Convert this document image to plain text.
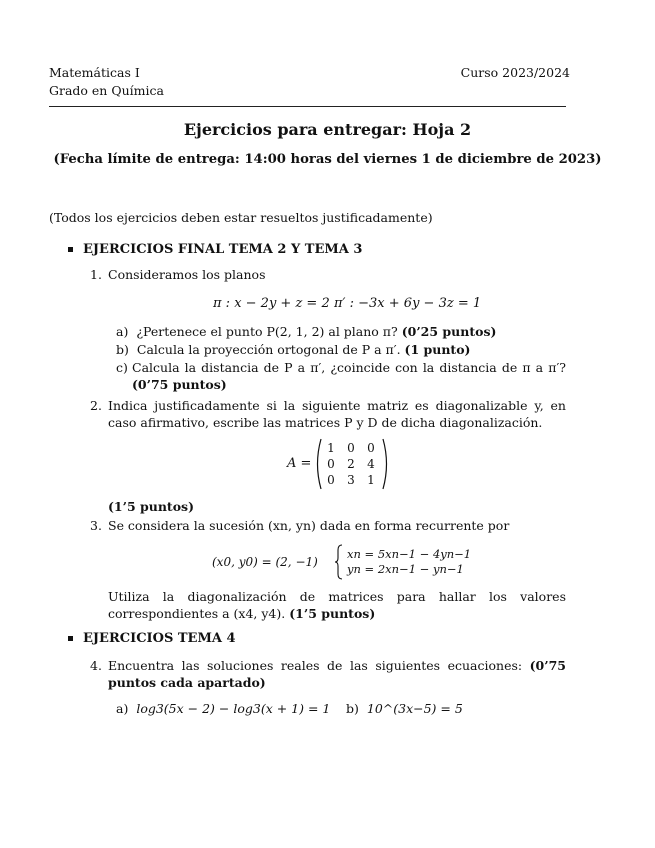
Matemáticas I
Grado en Química
Curso 2023/2024
Ejercicios para entregar: Hoja 2
(Fecha límite de entrega: 14:00 horas del viernes 1 de diciembre de 2023)
(Todos los ejercicios deben estar resueltos justificadamente)
EJERCICIOS FINAL TEMA 2 Y TEMA 3
1. Consideramos los planos
π : x − 2y + z = 2 π′ : −3x + 6y − 3z = 1
a) ¿Pertenece el punto P(2, 1, 2) al plano π? (0’25 puntos)
b) Calcula la proyección ortogonal de P a π′. (1 punto)
c) Calcula la distancia de P a π′, ¿coincide con la distancia de π a π′? (0’75 puntos)
2. Indica justificadamente si la siguiente matriz es diagonalizable y, en caso afirmativo, escribe las matrices P y D de dicha diagonalización.
A =
1	0	0
0	2	4
0	3	1
(1’5 puntos)
3. Se considera la sucesión (xn, yn) dada en forma recurrente por
(x0, y0) = (2, −1)
xn = 5xn−1 − 4yn−1
yn = 2xn−1 − yn−1
Utiliza la diagonalización de matrices para hallar los valores correspondientes a (x4, y4). (1’5 puntos)
EJERCICIOS TEMA 4
4. Encuentra las soluciones reales de las siguientes ecuaciones: (0’75 puntos cada apartado)
a) log3(5x − 2) − log3(x + 1) = 1 b) 10^(3x−5) = 5
